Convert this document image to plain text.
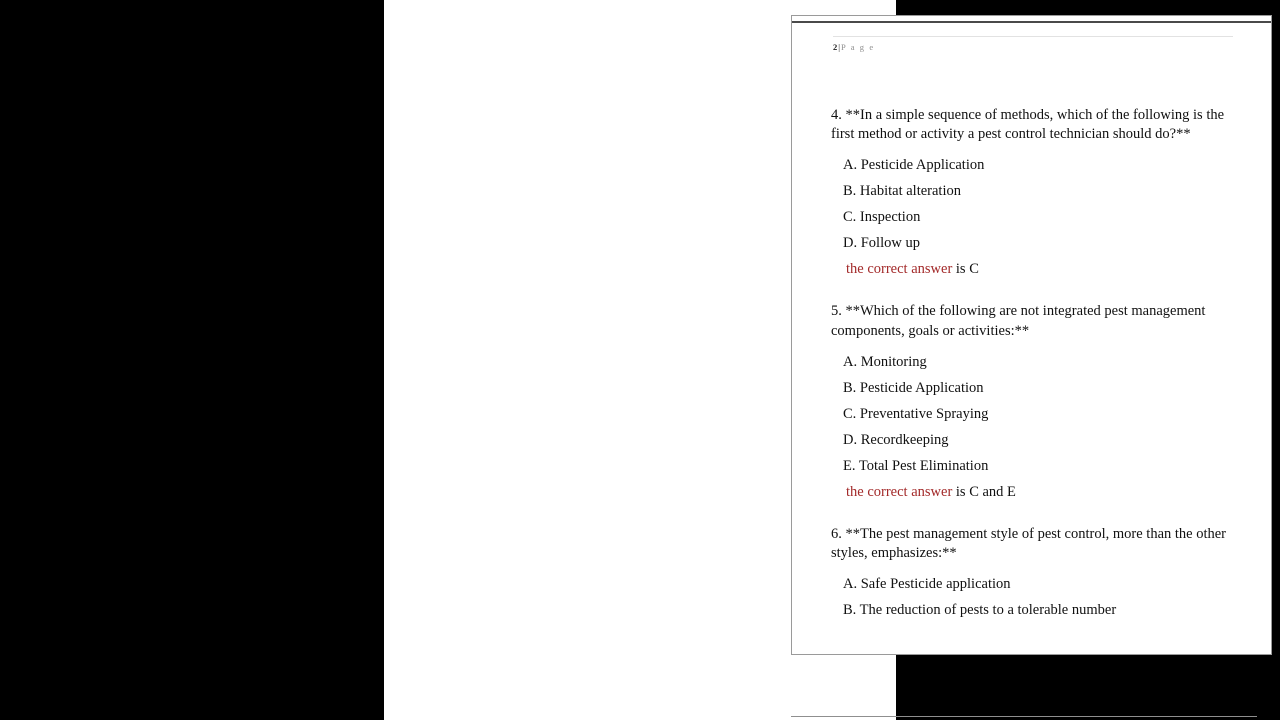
2|P a g e
4. **In a simple sequence of methods, which of the following is the first method or activity a pest control technician should do?**
A. Pesticide Application
B. Habitat alteration
C. Inspection
D. Follow up
the correct answer is C
5. **Which of the following are not integrated pest management components, goals or activities:**
A. Monitoring
B. Pesticide Application
C. Preventative Spraying
D. Recordkeeping
E. Total Pest Elimination
the correct answer is C and E
6. **The pest management style of pest control, more than the other styles, emphasizes:**
A. Safe Pesticide application
B. The reduction of pests to a tolerable number
